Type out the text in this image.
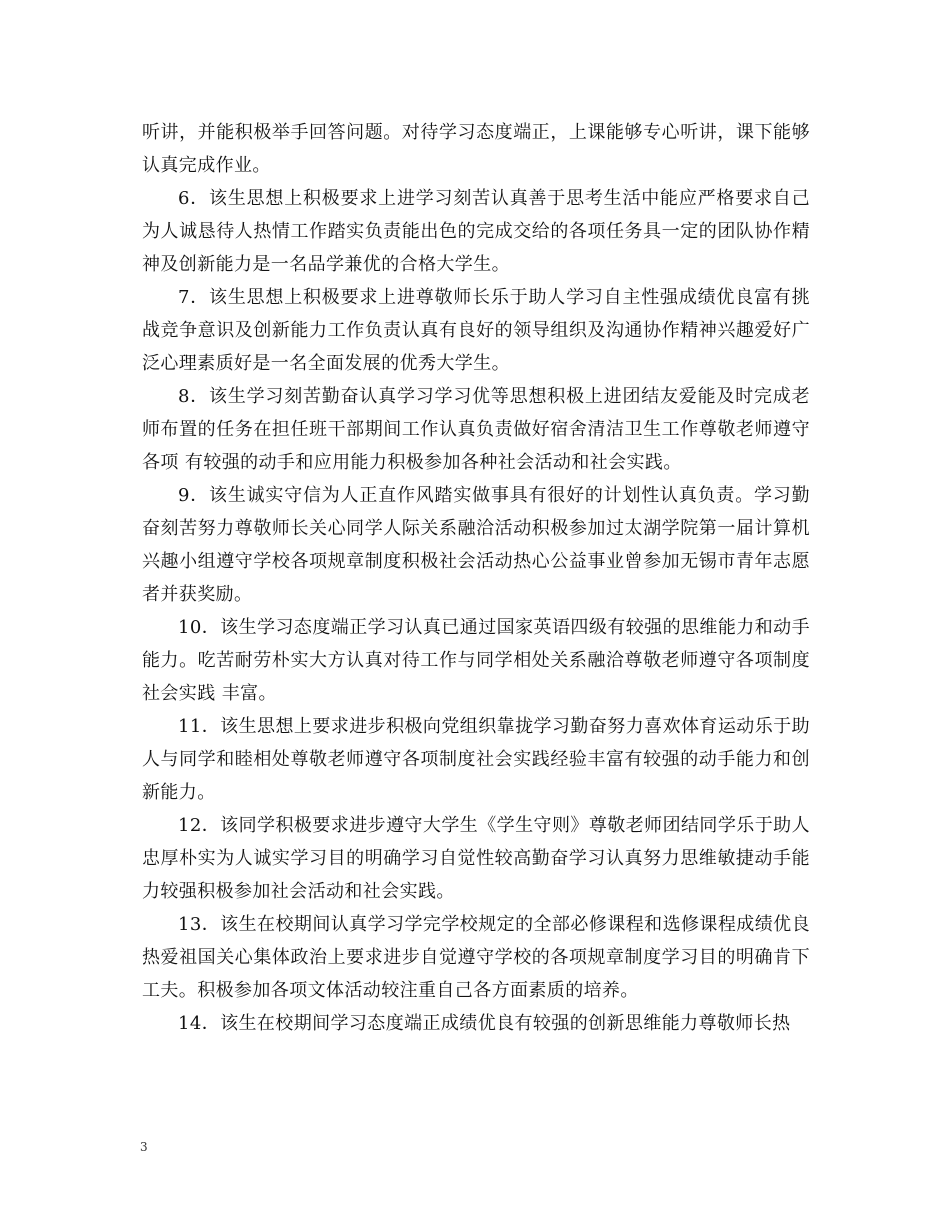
听讲，并能积极举手回答问题。对待学习态度端正，上课能够专心听讲，课下能够认真完成作业。

6．该生思想上积极要求上进学习刻苦认真善于思考生活中能应严格要求自己为人诚恳待人热情工作踏实负责能出色的完成交给的各项任务具一定的团队协作精神及创新能力是一名品学兼优的合格大学生。

7．该生思想上积极要求上进尊敬师长乐于助人学习自主性强成绩优良富有挑战竞争意识及创新能力工作负责认真有良好的领导组织及沟通协作精神兴趣爱好广泛心理素质好是一名全面发展的优秀大学生。

8．该生学习刻苦勤奋认真学习学习优等思想积极上进团结友爱能及时完成老师布置的任务在担任班干部期间工作认真负责做好宿舍清洁卫生工作尊敬老师遵守各项 有较强的动手和应用能力积极参加各种社会活动和社会实践。

9．该生诚实守信为人正直作风踏实做事具有很好的计划性认真负责。学习勤奋刻苦努力尊敬师长关心同学人际关系融洽活动积极参加过太湖学院第一届计算机兴趣小组遵守学校各项规章制度积极社会活动热心公益事业曾参加无锡市青年志愿者并获奖励。

10．该生学习态度端正学习认真已通过国家英语四级有较强的思维能力和动手能力。吃苦耐劳朴实大方认真对待工作与同学相处关系融洽尊敬老师遵守各项制度社会实践 丰富。

11．该生思想上要求进步积极向党组织靠拢学习勤奋努力喜欢体育运动乐于助人与同学和睦相处尊敬老师遵守各项制度社会实践经验丰富有较强的动手能力和创新能力。

12．该同学积极要求进步遵守大学生《学生守则》尊敬老师团结同学乐于助人忠厚朴实为人诚实学习目的明确学习自觉性较高勤奋学习认真努力思维敏捷动手能力较强积极参加社会活动和社会实践。

13．该生在校期间认真学习学完学校规定的全部必修课程和选修课程成绩优良热爱祖国关心集体政治上要求进步自觉遵守学校的各项规章制度学习目的明确肯下工夫。积极参加各项文体活动较注重自己各方面素质的培养。

14．该生在校期间学习态度端正成绩优良有较强的创新思维能力尊敬师长热

3
